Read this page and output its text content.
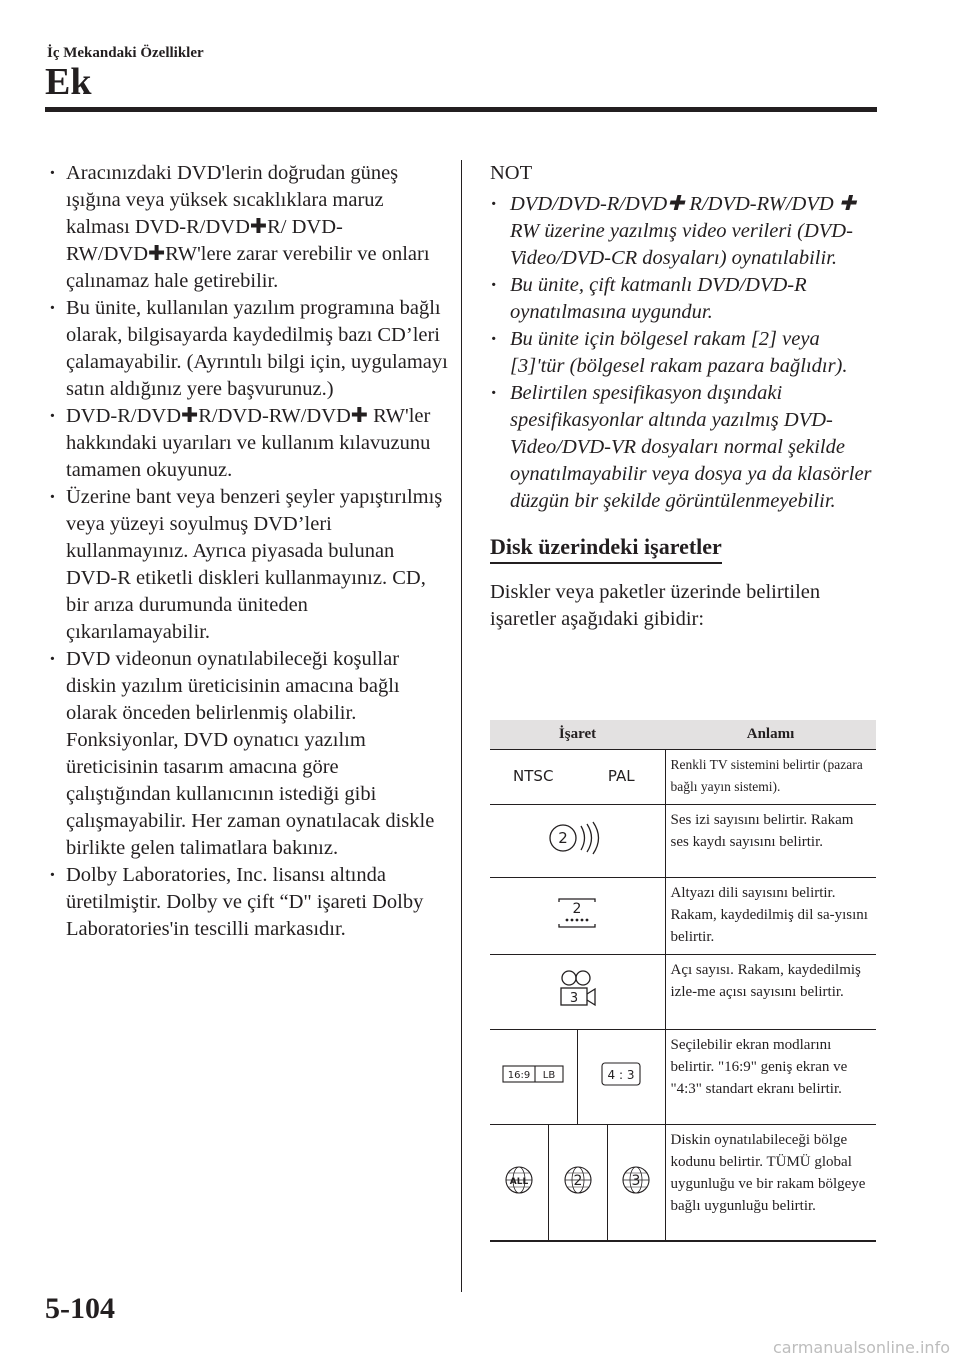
İç Mekandaki Özellikler
Ek

· Aracınızdaki DVD'lerin doğrudan güneş ışığına veya yüksek sıcaklıklara maruz kalması DVD-R/DVD✚R/ DVD-RW/DVD✚RW'lere zarar verebilir ve onları çalınamaz hale getirebilir.

· Bu ünite, kullanılan yazılım programına bağlı olarak, bilgisayarda kaydedilmiş bazı CD’leri çalamayabilir. (Ayrıntılı bilgi için, uygulamayı satın aldığınız yere başvurunuz.)

· DVD-R/DVD✚R/DVD-RW/DVD✚ RW'ler hakkındaki uyarıları ve kullanım kılavuzunu tamamen okuyunuz.

· Üzerine bant veya benzeri şeyler yapıştırılmış veya yüzeyi soyulmuş DVD’leri kullanmayınız. Ayrıca piyasada bulunan DVD-R etiketli diskleri kullanmayınız. CD, bir arıza durumunda üniteden çıkarılamayabilir.

· DVD videonun oynatılabileceği koşullar diskin yazılım üreticisinin amacına bağlı olarak önceden belirlenmiş olabilir. Fonksiyonlar, DVD oynatıcı yazılım üreticisinin tasarım amacına göre çalıştığından kullanıcının istediği gibi çalışmayabilir. Her zaman oynatılacak diskle birlikte gelen talimatlara bakınız.

· Dolby Laboratories, Inc. lisansı altında üretilmiştir. Dolby ve çift “D" işareti Dolby Laboratories'in tescilli markasıdır.

NOT

· DVD/DVD-R/DVD✚ R/DVD-RW/DVD ✚ RW üzerine yazılmış video verileri (DVD-Video/DVD-CR dosyaları) oynatılabilir.

· Bu ünite, çift katmanlı DVD/DVD-R oynatılmasına uygundur.

· Bu ünite için bölgesel rakam [2] veya [3]'tür (bölgesel rakam pazara bağlıdır).

· Belirtilen spesifikasyon dışındaki spesifikasyonlar altında yazılmış DVD-Video/DVD-VR dosyaları normal şekilde oynatılmayabilir veya dosya ya da klasörler düzgün bir şekilde görüntülenmeyebilir.

Disk üzerindeki işaretler
Diskler veya paketler üzerinde belirtilen işaretler aşağıdaki gibidir:
İşaret				Anlamı
NTSC PAL				Renkli TV sistemini belirtir (pazara bağlı yayın sistemi).

2				Ses izi sayısını belirtir. Rakam ses kaydı sayısını belirtir.

2				Altyazı dili sayısını belirtir. Rakam, kaydedilmiş dil sa-yısını belirtir.

3				Açı sayısı. Rakam, kaydedilmiş izle-me açısı sayısını belirtir.

16:9 LB		4 : 3		Seçilebilir ekran modlarını belirtir. "16:9" geniş ekran ve "4:3" standart ekranı belirtir.

ALL	2		3	Diskin oynatılabileceği bölge kodunu belirtir. TÜMÜ global uygunluğu ve bir rakam bölgeye bağlı uygunluğu belirtir.
5-104
carmanualsonline.info
